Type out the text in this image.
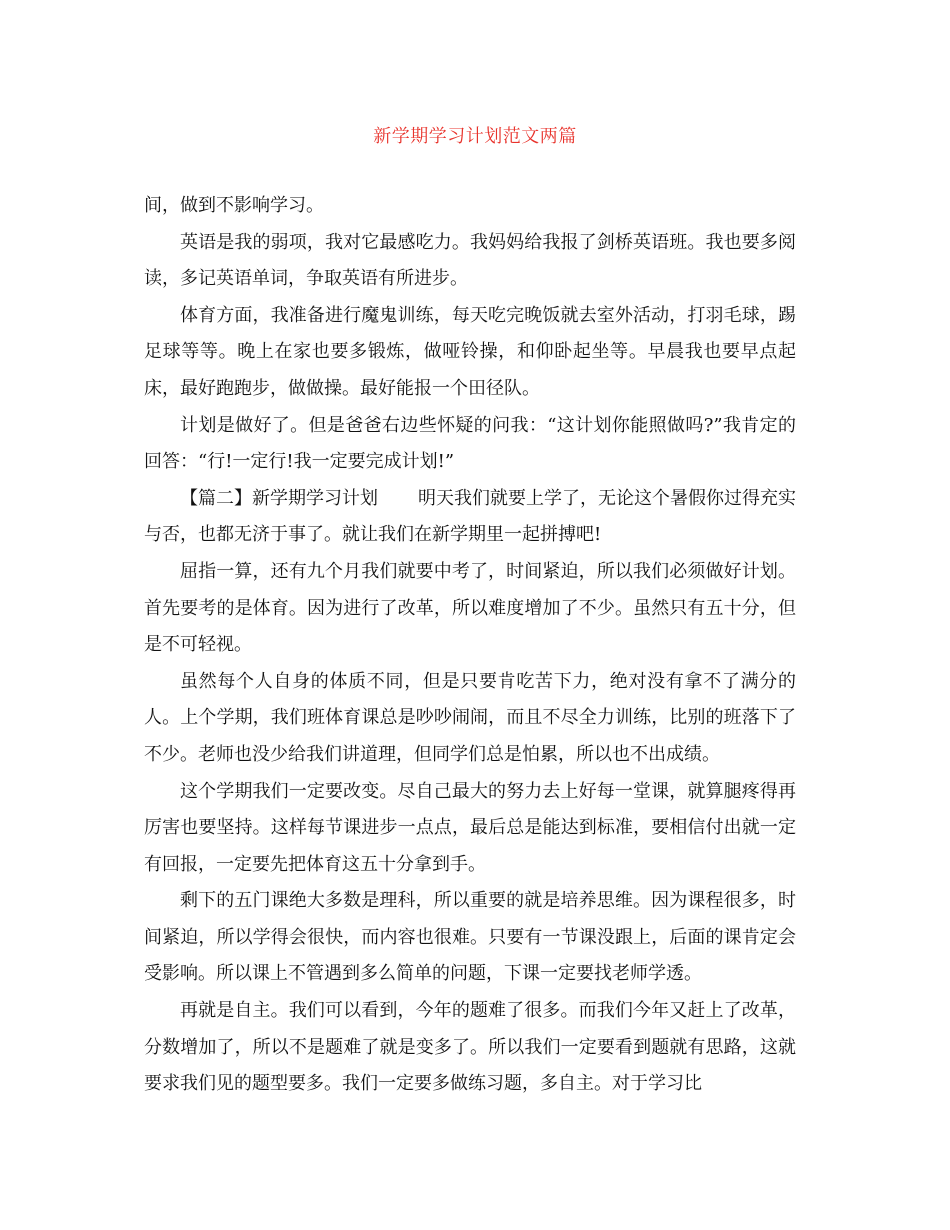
新学期学习计划范文两篇

间，做到不影响学习。

英语是我的弱项，我对它最感吃力。我妈妈给我报了剑桥英语班。我也要多阅读，多记英语单词，争取英语有所进步。

体育方面，我准备进行魔鬼训练，每天吃完晚饭就去室外活动，打羽毛球，踢足球等等。晚上在家也要多锻炼，做哑铃操，和仰卧起坐等。早晨我也要早点起床，最好跑跑步，做做操。最好能报一个田径队。

计划是做好了。但是爸爸右边些怀疑的问我：“这计划你能照做吗?”我肯定的回答：“行!一定行!我一定要完成计划!”

【篇二】新学期学习计划 明天我们就要上学了，无论这个暑假你过得充实与否，也都无济于事了。就让我们在新学期里一起拼搏吧!

屈指一算，还有九个月我们就要中考了，时间紧迫，所以我们必须做好计划。首先要考的是体育。因为进行了改革，所以难度增加了不少。虽然只有五十分，但是不可轻视。

虽然每个人自身的体质不同，但是只要肯吃苦下力，绝对没有拿不了满分的人。上个学期，我们班体育课总是吵吵闹闹，而且不尽全力训练，比别的班落下了不少。老师也没少给我们讲道理，但同学们总是怕累，所以也不出成绩。

这个学期我们一定要改变。尽自己最大的努力去上好每一堂课，就算腿疼得再厉害也要坚持。这样每节课进步一点点，最后总是能达到标准，要相信付出就一定有回报，一定要先把体育这五十分拿到手。

剩下的五门课绝大多数是理科，所以重要的就是培养思维。因为课程很多，时间紧迫，所以学得会很快，而内容也很难。只要有一节课没跟上，后面的课肯定会受影响。所以课上不管遇到多么简单的问题，下课一定要找老师学透。

再就是自主。我们可以看到，今年的题难了很多。而我们今年又赶上了改革，分数增加了，所以不是题难了就是变多了。所以我们一定要看到题就有思路，这就要求我们见的题型要多。我们一定要多做练习题，多自主。对于学习比
